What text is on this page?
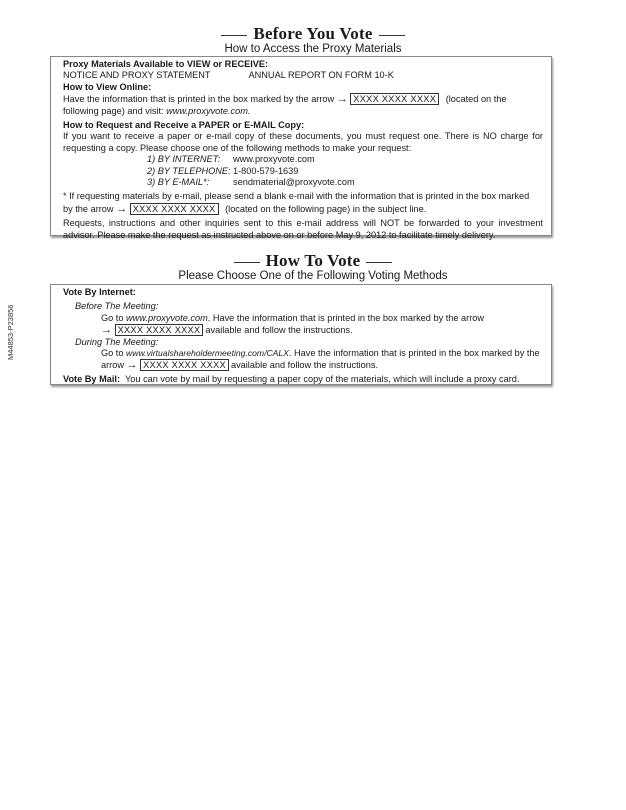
M44853-P23856
Before You Vote
How to Access the Proxy Materials
Proxy Materials Available to VIEW or RECEIVE:
NOTICE AND PROXY STATEMENT	ANNUAL REPORT ON FORM 10-K
How to View Online:
Have the information that is printed in the box marked by the arrow → XXXX XXXX XXXX (located on the
following page) and visit: www.proxyvote.com.
How to Request and Receive a PAPER or E-MAIL Copy:
If you want to receive a paper or e-mail copy of these documents, you must request one. There is NO charge for requesting a copy. Please choose one of the following methods to make your request:
1) BY INTERNET: www.proxyvote.com
2) BY TELEPHONE: 1-800-579-1639
3) BY E-MAIL*:	sendmaterial@proxyvote.com
* If requesting materials by e-mail, please send a blank e-mail with the information that is printed in the box marked
by the arrow → XXXX XXXX XXXX (located on the following page) in the subject line.
Requests, instructions and other inquiries sent to this e-mail address will NOT be forwarded to your investment advisor. Please make the request as instructed above on or before May 9, 2012 to facilitate timely delivery.
How To Vote
Please Choose One of the Following Voting Methods
Vote By Internet:
Before The Meeting:
Go to www.proxyvote.com. Have the information that is printed in the box marked by the arrow
→ XXXX XXXX XXXX available and follow the instructions.
During The Meeting:
Go to www.virtualshareholdermeeting.com/CALX. Have the information that is printed in the box marked by the
arrow → XXXX XXXX XXXX available and follow the instructions.
Vote By Mail: You can vote by mail by requesting a paper copy of the materials, which will include a proxy card.
